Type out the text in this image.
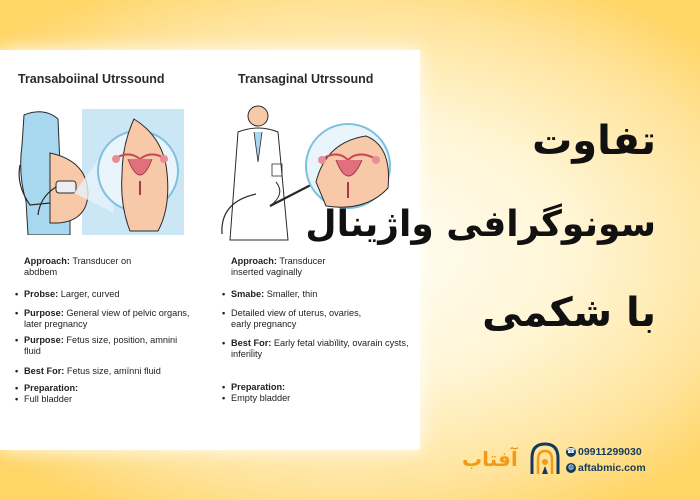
Transaboiinal Utrssound	Transaginal Utrssound
Approach: Transducer on
abdbem
• Probse: Larger, curved
• Purpose: General view of pelvic organs,
later pregnancy
• Purpose: Fetus size, position, amnini
fluid
• Best For: Fetus size, amïnni fluid
• Preparation:

• Full bladder
Approach: Transducer
inserted vaginally
• Smabe: Smaller, thin
• Detailed view of uterus, ovaries,
early pregnancy
• Best For: Early fetal viabïlity, ovarain cysts,
inferil̈ity
• Preparation:

• Empty bladder
تفاوت
سونوگرافی واژینال
با شکمی
آفتاب	☎ 09911299030
◍ aftabmic.com
